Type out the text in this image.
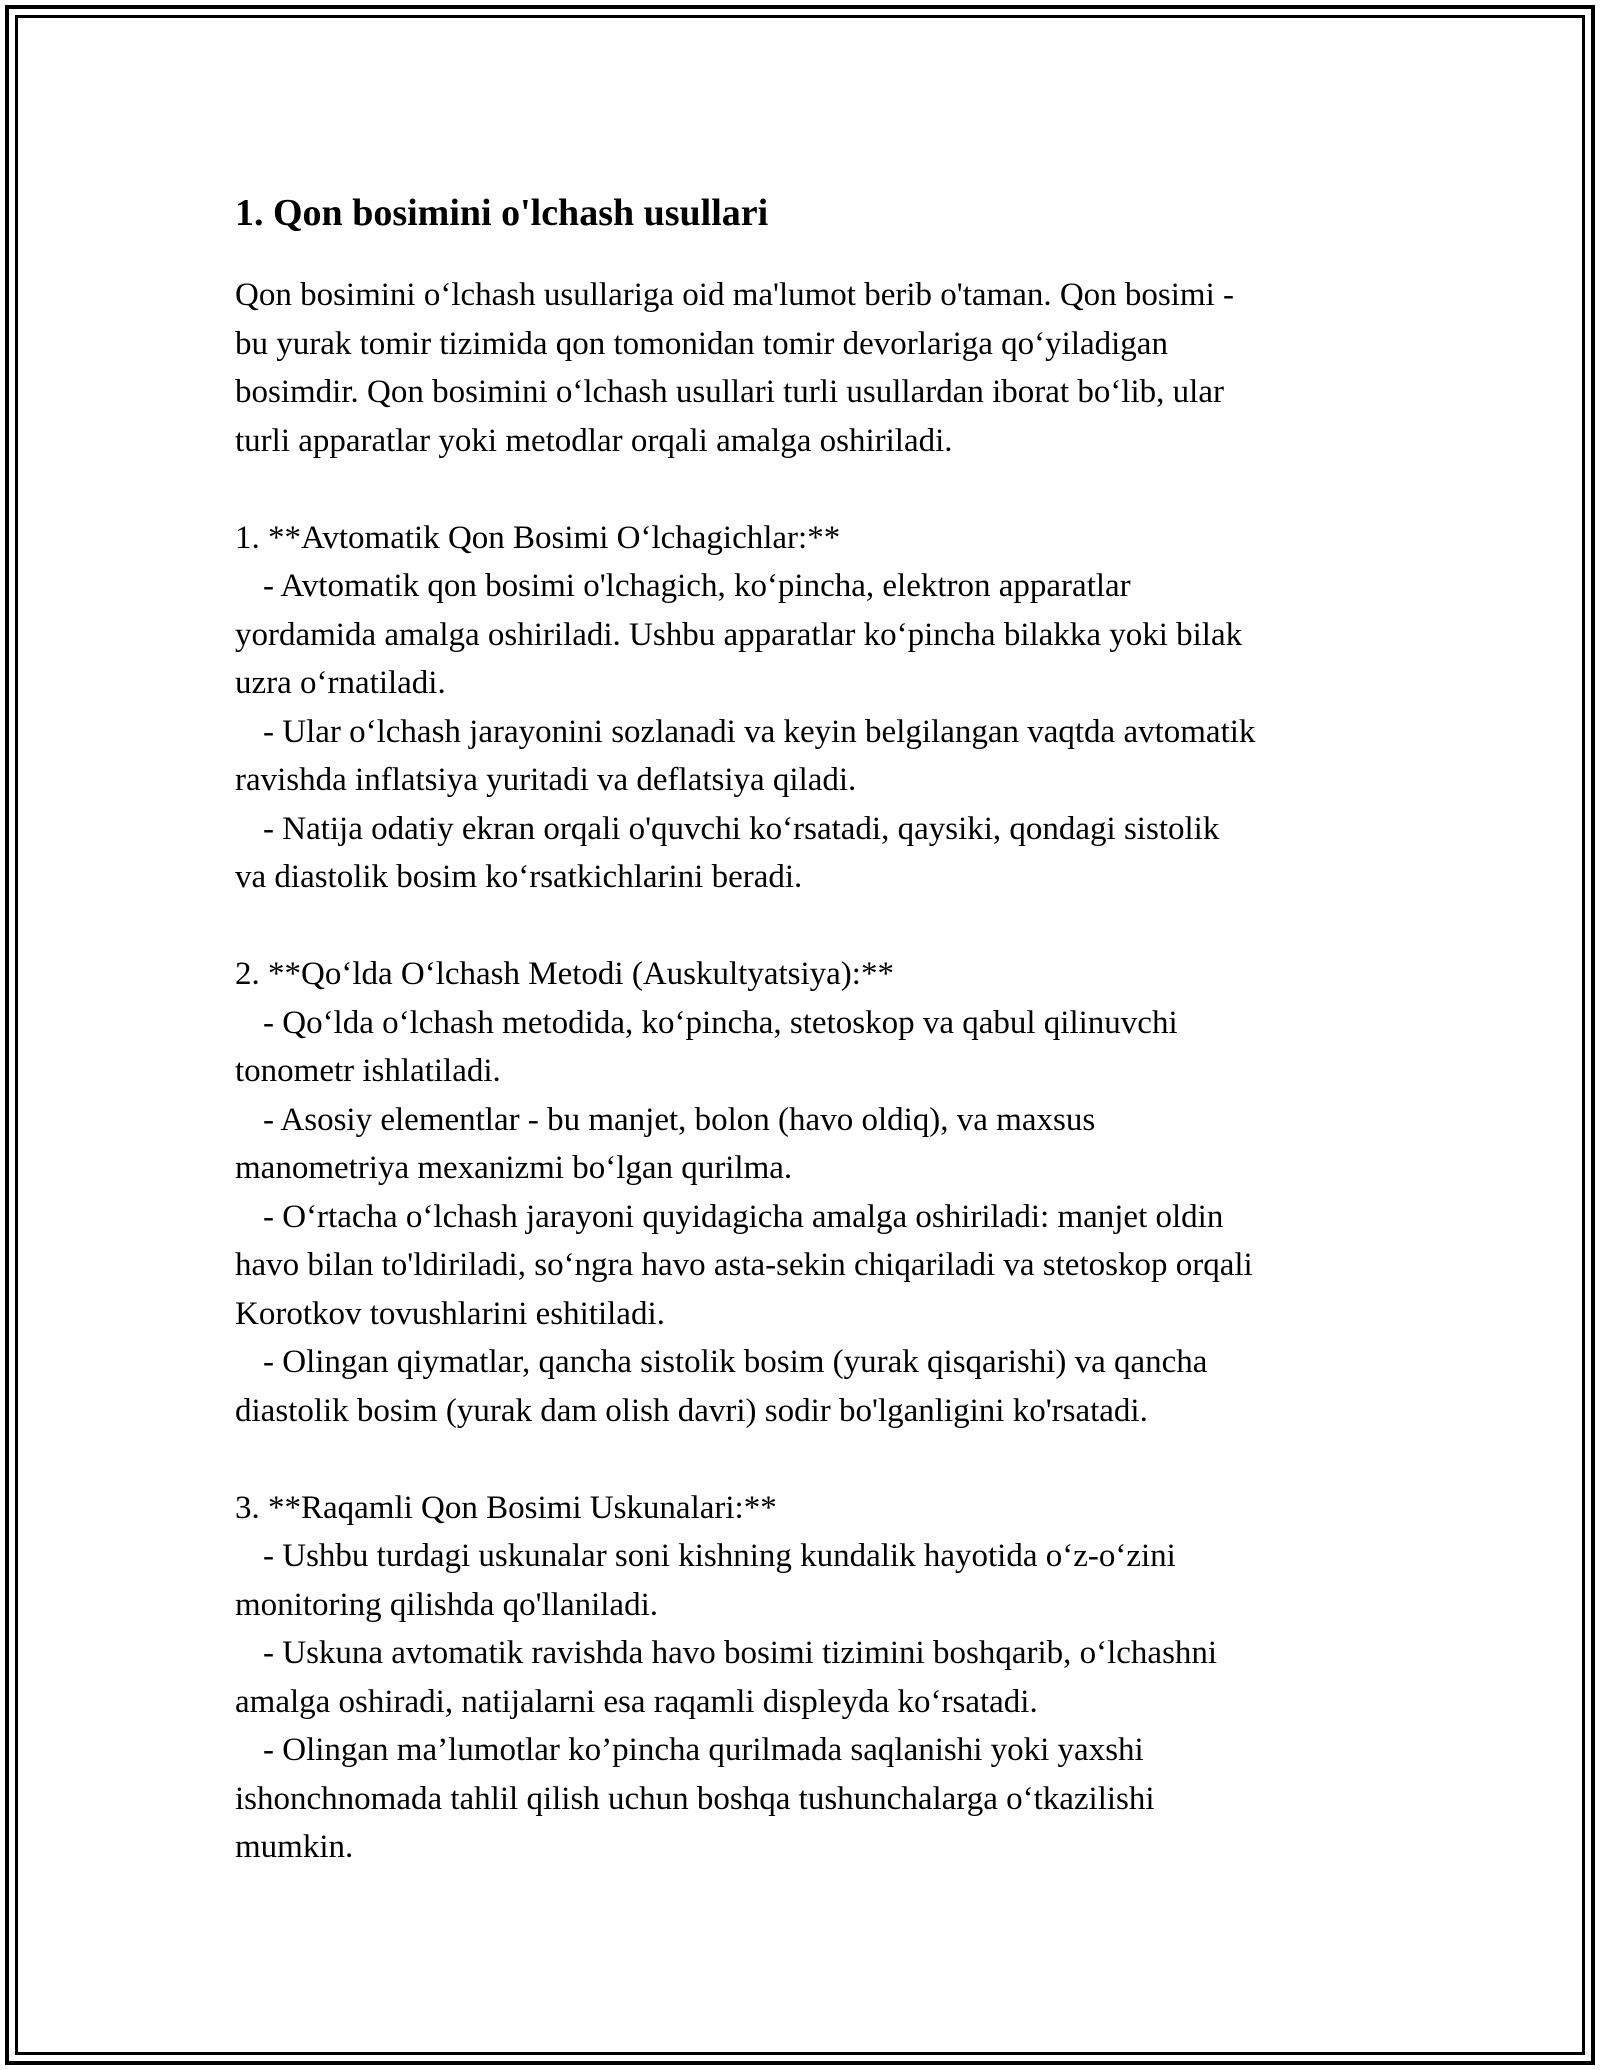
1. Qon bosimini o'lchash usullari

Qon bosimini o‘lchash usullariga oid ma'lumot berib o'taman. Qon bosimi -
bu yurak tomir tizimida qon tomonidan tomir devorlariga qo‘yiladigan
bosimdir. Qon bosimini o‘lchash usullari turli usullardan iborat bo‘lib, ular
turli apparatlar yoki metodlar orqali amalga oshiriladi.

1. **Avtomatik Qon Bosimi O‘lchagichlar:**
- Avtomatik qon bosimi o'lchagich, ko‘pincha, elektron apparatlar
yordamida amalga oshiriladi. Ushbu apparatlar ko‘pincha bilakka yoki bilak
uzra o‘rnatiladi.
- Ular o‘lchash jarayonini sozlanadi va keyin belgilangan vaqtda avtomatik
ravishda inflatsiya yuritadi va deflatsiya qiladi.
- Natija odatiy ekran orqali o'quvchi ko‘rsatadi, qaysiki, qondagi sistolik
va diastolik bosim ko‘rsatkichlarini beradi.
2. **Qo‘lda O‘lchash Metodi (Auskultyatsiya):**
- Qo‘lda o‘lchash metodida, ko‘pincha, stetoskop va qabul qilinuvchi
tonometr ishlatiladi.
- Asosiy elementlar - bu manjet, bolon (havo oldiq), va maxsus
manometriya mexanizmi bo‘lgan qurilma.
- O‘rtacha o‘lchash jarayoni quyidagicha amalga oshiriladi: manjet oldin
havo bilan to'ldiriladi, so‘ngra havo asta-sekin chiqariladi va stetoskop orqali
Korotkov tovushlarini eshitiladi.
- Olingan qiymatlar, qancha sistolik bosim (yurak qisqarishi) va qancha
diastolik bosim (yurak dam olish davri) sodir bo'lganligini ko'rsatadi.
3. **Raqamli Qon Bosimi Uskunalari:**
- Ushbu turdagi uskunalar soni kishning kundalik hayotida o‘z-o‘zini
monitoring qilishda qo'llaniladi.
- Uskuna avtomatik ravishda havo bosimi tizimini boshqarib, o‘lchashni
amalga oshiradi, natijalarni esa raqamli displeyda ko‘rsatadi.
- Olingan ma’lumotlar ko’pincha qurilmada saqlanishi yoki yaxshi
ishonchnomada tahlil qilish uchun boshqa tushunchalarga o‘tkazilishi
mumkin.
